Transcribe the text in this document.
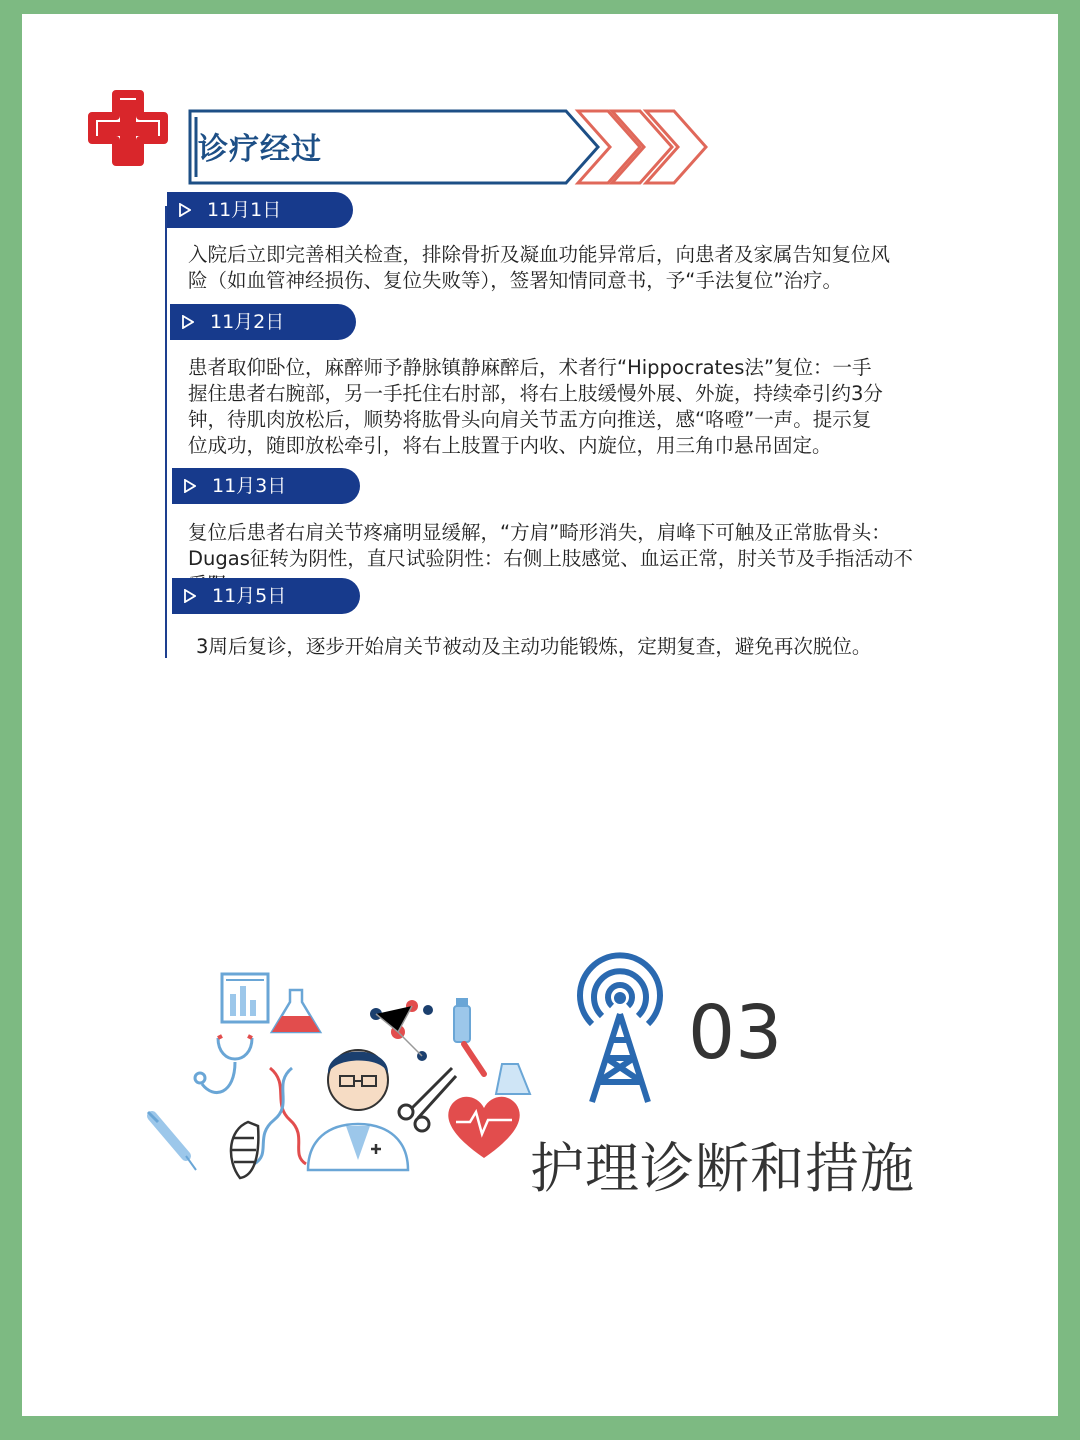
诊疗经过
11月1日
入院后立即完善相关检查，排除骨折及凝血功能异常后，向患者及家属告知复位风险（如血管神经损伤、复位失败等），签署知情同意书，予“手法复位”治疗。
11月2日
患者取仰卧位，麻醉师予静脉镇静麻醉后，术者行“Hippocrates法”复位：一手握住患者右腕部，另一手托住右肘部，将右上肢缓慢外展、外旋，持续牵引约3分钟，待肌肉放松后，顺势将肱骨头向肩关节盂方向推送，感“咯噔”一声。提示复位成功，随即放松牵引，将右上肢置于内收、内旋位，用三角巾悬吊固定。
11月3日
复位后患者右肩关节疼痛明显缓解，“方肩”畸形消失，肩峰下可触及正常肱骨头：Dugas征转为阴性，直尺试验阴性：右侧上肢感觉、血运正常，肘关节及手指活动不
11月5日
3周后复诊，逐步开始肩关节被动及主动功能锻炼，定期复查，避免再次脱位。
03
护理诊断和措施
